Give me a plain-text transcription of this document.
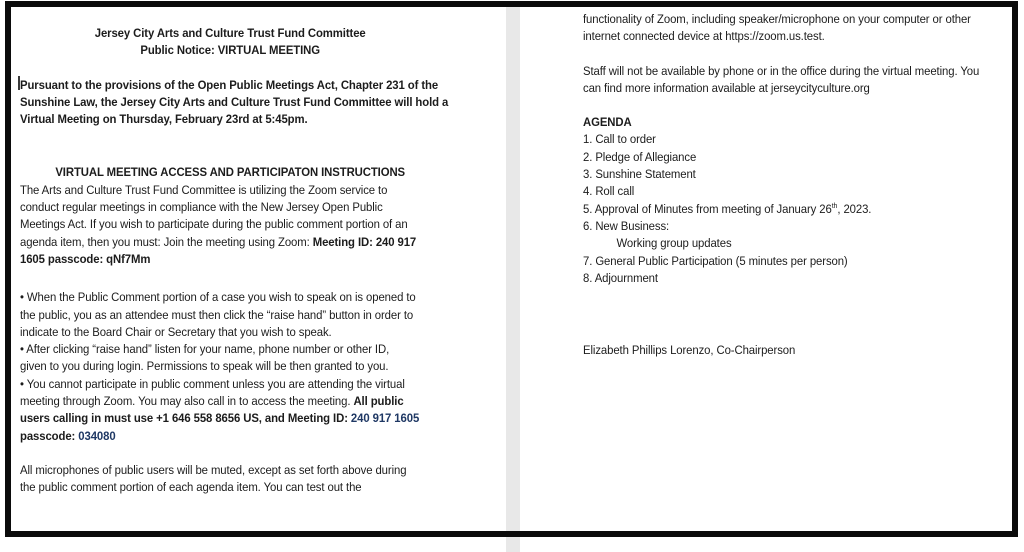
Jersey City Arts and Culture Trust Fund Committee
Public Notice: VIRTUAL MEETING
Pursuant to the provisions of the Open Public Meetings Act, Chapter 231 of the
Sunshine Law, the Jersey City Arts and Culture Trust Fund Committee will hold a
Virtual Meeting on Thursday, February 23rd at 5:45pm.
VIRTUAL MEETING ACCESS AND PARTICIPATON INSTRUCTIONS
The Arts and Culture Trust Fund Committee is utilizing the Zoom service to
conduct regular meetings in compliance with the New Jersey Open Public
Meetings Act. If you wish to participate during the public comment portion of an
agenda item, then you must: Join the meeting using Zoom: Meeting ID: 240 917
1605 passcode: qNf7Mm
• When the Public Comment portion of a case you wish to speak on is opened to
the public, you as an attendee must then click the “raise hand” button in order to
indicate to the Board Chair or Secretary that you wish to speak.
• After clicking “raise hand” listen for your name, phone number or other ID,
given to you during login. Permissions to speak will be then granted to you.
• You cannot participate in public comment unless you are attending the virtual
meeting through Zoom. You may also call in to access the meeting. All public
users calling in must use +1 646 558 8656 US, and Meeting ID: 240 917 1605
passcode: 034080
All microphones of public users will be muted, except as set forth above during
the public comment portion of each agenda item. You can test out the
functionality of Zoom, including speaker/microphone on your computer or other
internet connected device at https://zoom.us.test.
Staff will not be available by phone or in the office during the virtual meeting. You
can find more information available at jerseycityculture.org
AGENDA
1. Call to order
2. Pledge of Allegiance
3. Sunshine Statement
4. Roll call
5. Approval of Minutes from meeting of January 26th, 2023.
6. New Business:
Working group updates
7. General Public Participation (5 minutes per person)
8. Adjournment
Elizabeth Phillips Lorenzo, Co-Chairperson
